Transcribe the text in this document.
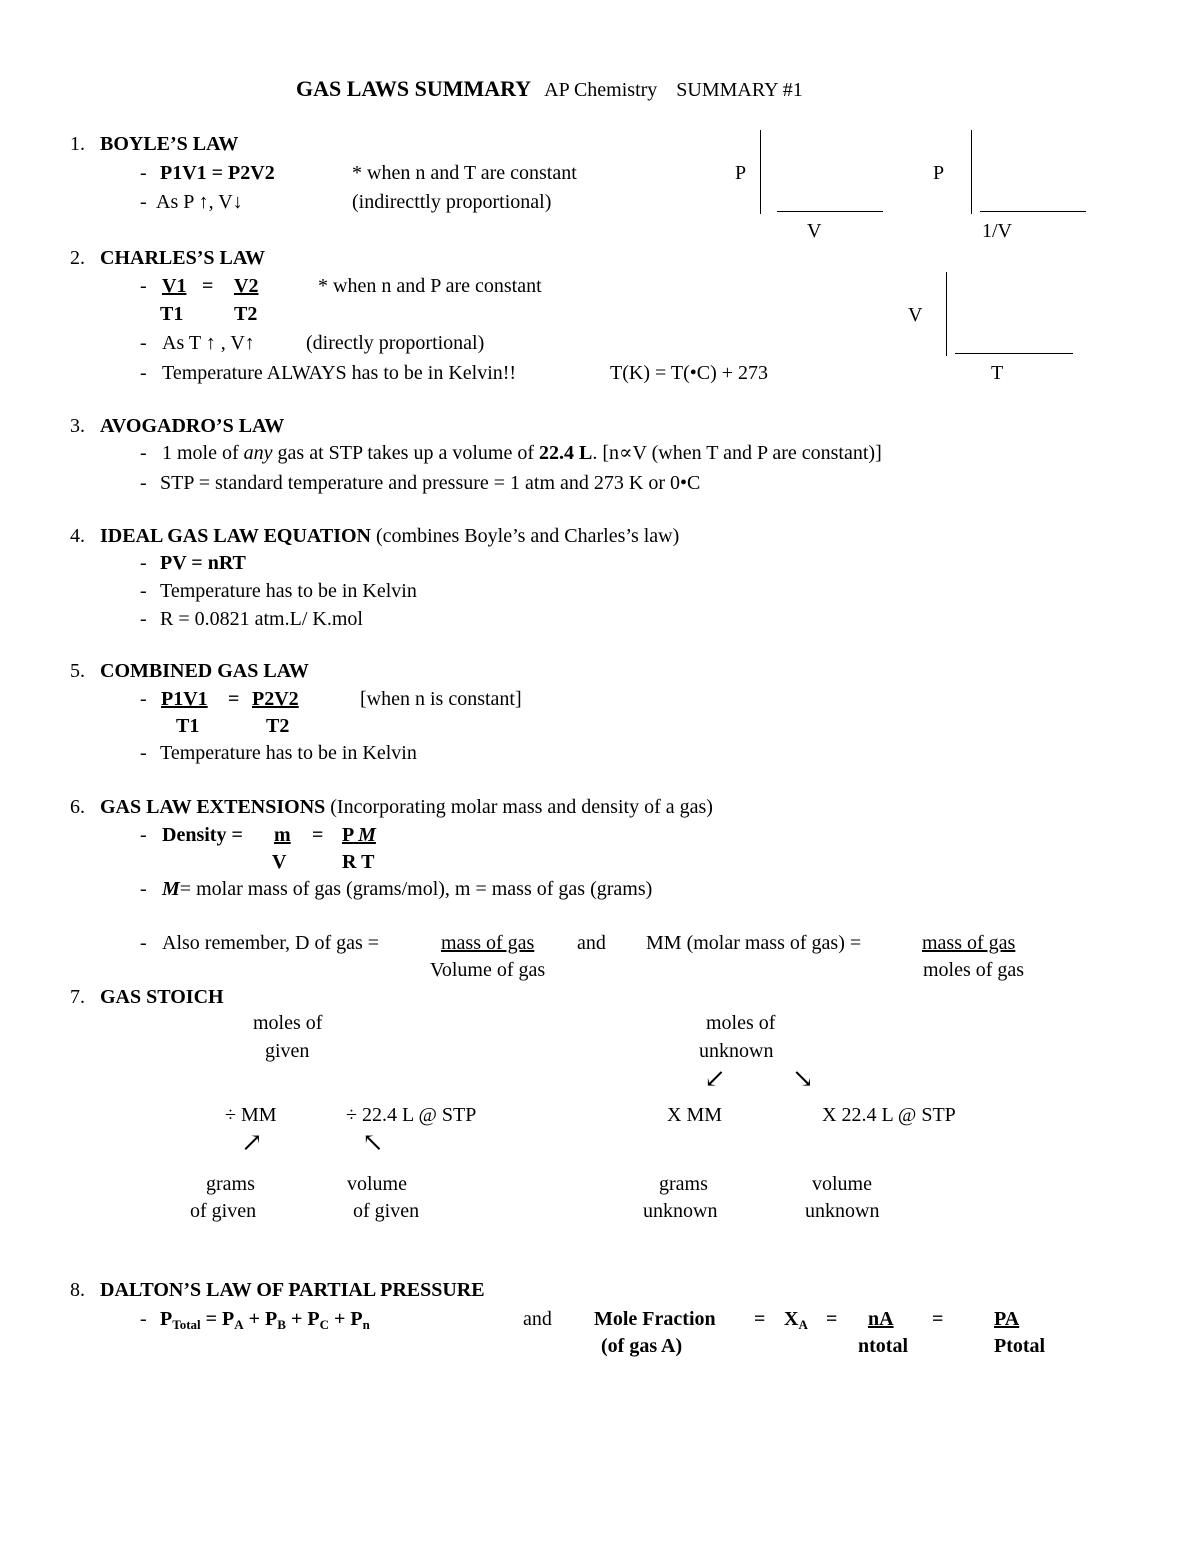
GAS LAWS SUMMARY AP Chemistry SUMMARY #1
1. BOYLE’S LAW
- P1V1 = P2V2	* when n and T are constant
- As P ↑, V↓	(indirecttly proportional)
P
V
P
1/V
2. CHARLES’S LAW
- V1 = V2	* when n and P are constant
T1	T2
- As T ↑ , V↑	(directly proportional)
- Temperature ALWAYS has to be in Kelvin!!	T(K) = T(•C) + 273
V
T
3. AVOGADRO’S LAW
- 1 mole of any gas at STP takes up a volume of 22.4 L. [n∝V (when T and P are constant)]
- STP = standard temperature and pressure = 1 atm and 273 K or 0•C
4. IDEAL GAS LAW EQUATION (combines Boyle’s and Charles’s law)
- PV = nRT
- Temperature has to be in Kelvin
- R = 0.0821 atm.L/ K.mol
5. COMBINED GAS LAW
- P1V1 = P2V2	[when n is constant]
T1	T2
- Temperature has to be in Kelvin
6. GAS LAW EXTENSIONS (Incorporating molar mass and density of a gas)
- Density = m = P M
V	R T
- M= molar mass of gas (grams/mol), m = mass of gas (grams)
- Also remember, D of gas =	mass of gas
Volume of gas
and MM (molar mass of gas) =	mass of gas
moles of gas
7. GAS STOICH
moles of
given
moles of
unknown
↙	↘
÷ MM	÷ 22.4 L @ STP	X MM	X 22.4 L @ STP
↗	↖
grams
of given
volume
of given
grams
unknown
volume
unknown
8. DALTON’S LAW OF PARTIAL PRESSURE
- $P_{Total} = P_A + P_B + P_C + P_n$	and Mole Fraction
(of gas A)
= $X_A$ = nA
ntotal
=	PA
Ptotal
